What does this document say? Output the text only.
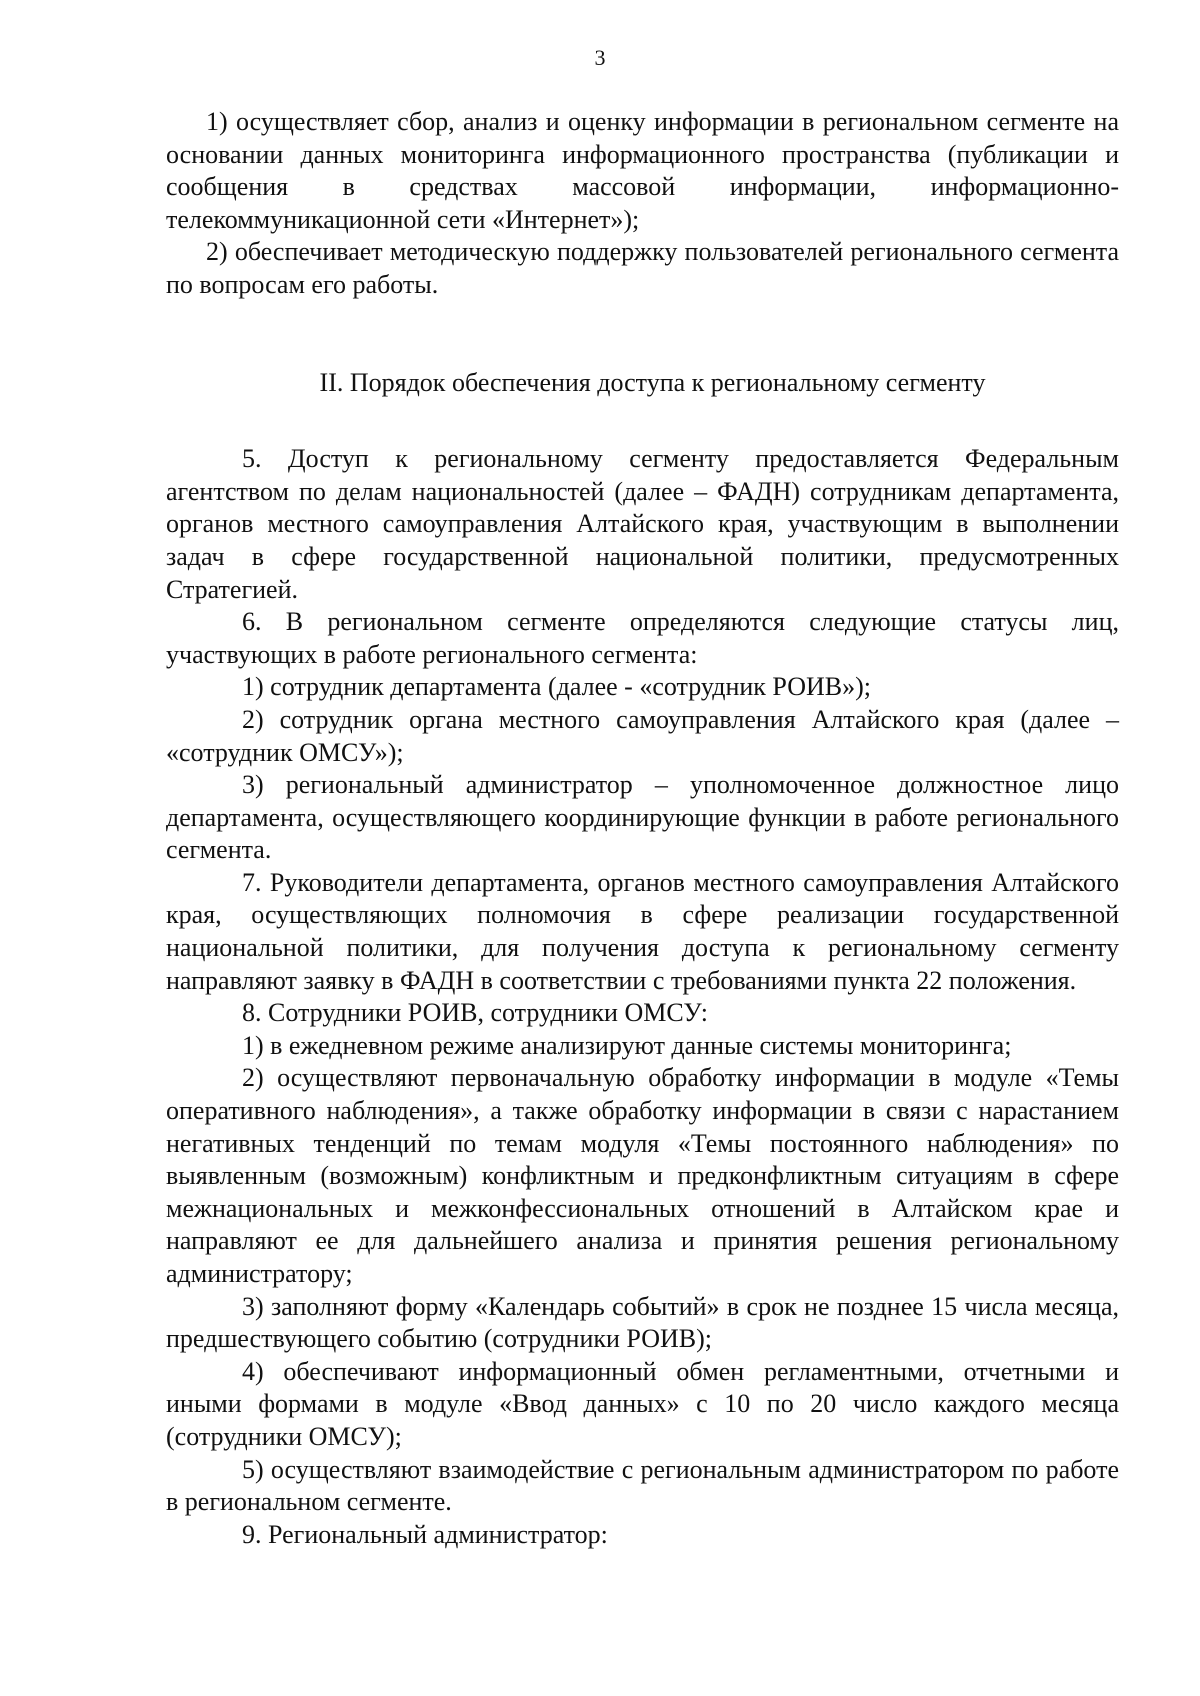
3

1) осуществляет сбор, анализ и оценку информации в региональном сегменте на основании данных мониторинга информационного пространства (публикации и сообщения в средствах массовой информации, информационно-телекоммуникационной сети «Интернет»);

2) обеспечивает методическую поддержку пользователей регионального сегмента по вопросам его работы.

II. Порядок обеспечения доступа к региональному сегменту

5. Доступ к региональному сегменту предоставляется Федеральным агентством по делам национальностей (далее – ФАДН) сотрудникам департамента, органов местного самоуправления Алтайского края, участвующим в выполнении задач в сфере государственной национальной политики, предусмотренных Стратегией.

6. В региональном сегменте определяются следующие статусы лиц, участвующих в работе регионального сегмента:

1) сотрудник департамента (далее - «сотрудник РОИВ»);

2) сотрудник органа местного самоуправления Алтайского края (далее – «сотрудник ОМСУ»);

3) региональный администратор – уполномоченное должностное лицо департамента, осуществляющего координирующие функции в работе регионального сегмента.

7. Руководители департамента, органов местного самоуправления Алтайского края, осуществляющих полномочия в сфере реализации государственной национальной политики, для получения доступа к региональному сегменту направляют заявку в ФАДН в соответствии с требованиями пункта 22 положения.

8. Сотрудники РОИВ, сотрудники ОМСУ:

1) в ежедневном режиме анализируют данные системы мониторинга;

2) осуществляют первоначальную обработку информации в модуле «Темы оперативного наблюдения», а также обработку информации в связи с нарастанием негативных тенденций по темам модуля «Темы постоянного наблюдения» по выявленным (возможным) конфликтным и предконфликтным ситуациям в сфере межнациональных и межконфессиональных отношений в Алтайском крае и направляют ее для дальнейшего анализа и принятия решения региональному администратору;

3) заполняют форму «Календарь событий» в срок не позднее 15 числа месяца, предшествующего событию (сотрудники РОИВ);

4) обеспечивают информационный обмен регламентными, отчетными и иными формами в модуле «Ввод данных» с 10 по 20 число каждого месяца (сотрудники ОМСУ);

5) осуществляют взаимодействие с региональным администратором по работе в региональном сегменте.

9. Региональный администратор:
